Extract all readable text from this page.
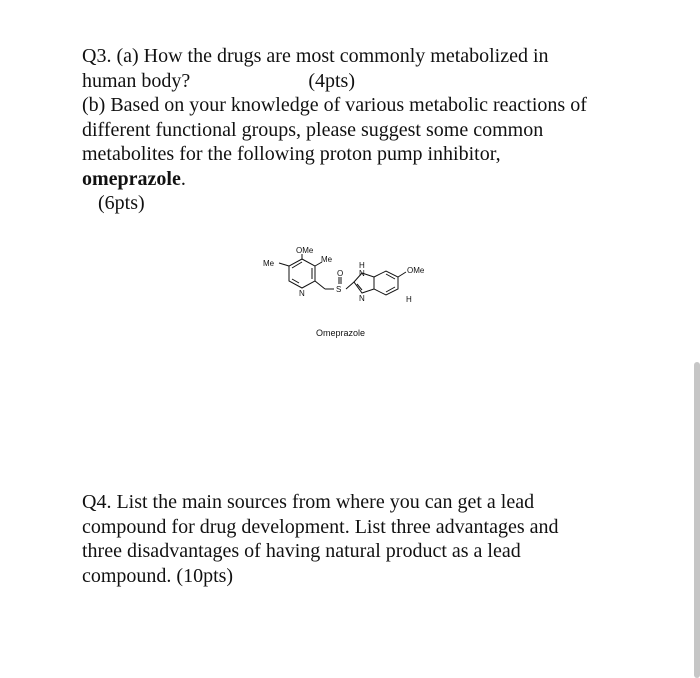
Q3. (a) How the drugs are most commonly metabolized in
human body?	(4pts)
(b) Based on your knowledge of various metabolic reactions of
different functional groups, please suggest some common
metabolites for the following proton pump inhibitor,
omeprazole.
(6pts)
OMe
Me	Me
N
O
S
N
H
N
OMe
H
Omeprazole
Q4. List the main sources from where you can get a lead
compound for drug development. List three advantages and
three disadvantages of having natural product as a lead
compound. (10pts)
